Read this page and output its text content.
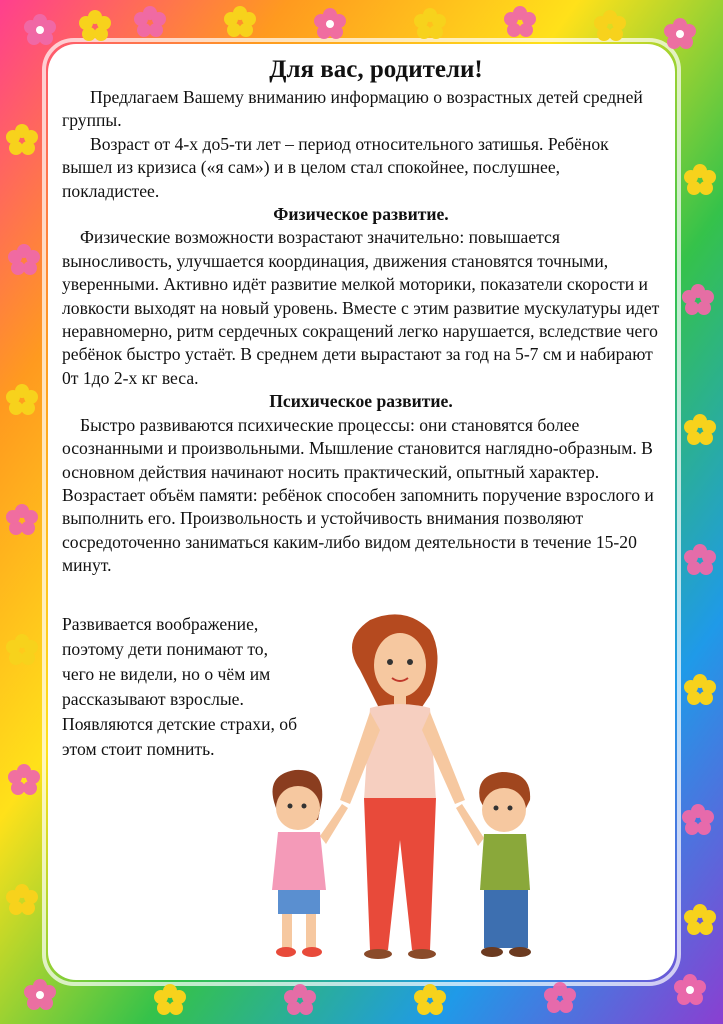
Для вас, родители!

Предлагаем Вашему вниманию информацию о возрастных детей средней группы.

Возраст от 4-х до5-ти лет – период относительного затишья. Ребёнок вышел из кризиса («я сам») и в целом стал спокойнее, послушнее, покладистее.

Физическое развитие.

Физические возможности возрастают значительно: повышается выносливость, улучшается координация, движения становятся точными, уверенными. Активно идёт развитие мелкой моторики, показатели скорости и ловкости выходят на новый уровень. Вместе с этим развитие мускулатуры идет неравномерно, ритм сердечных сокращений легко нарушается, вследствие чего ребёнок быстро устаёт. В среднем дети вырастают за год на 5-7 см и набирают 0т 1до 2-х кг веса.

Психическое развитие.

Быстро развиваются психические процессы: они становятся более осознанными и произвольными. Мышление становится наглядно-образным. В основном действия начинают носить практический, опытный характер. Возрастает объём памяти: ребёнок способен запомнить поручение взрослого и выполнить его. Произвольность и устойчивость внимания позволяют сосредоточенно заниматься каким-либо видом деятельности в течение 15-20 минут.

Развивается воображение,
поэтому дети понимают то,
чего не видели, но о чём им
рассказывают взрослые.
Появляются детские страхи, об
этом стоит помнить.
